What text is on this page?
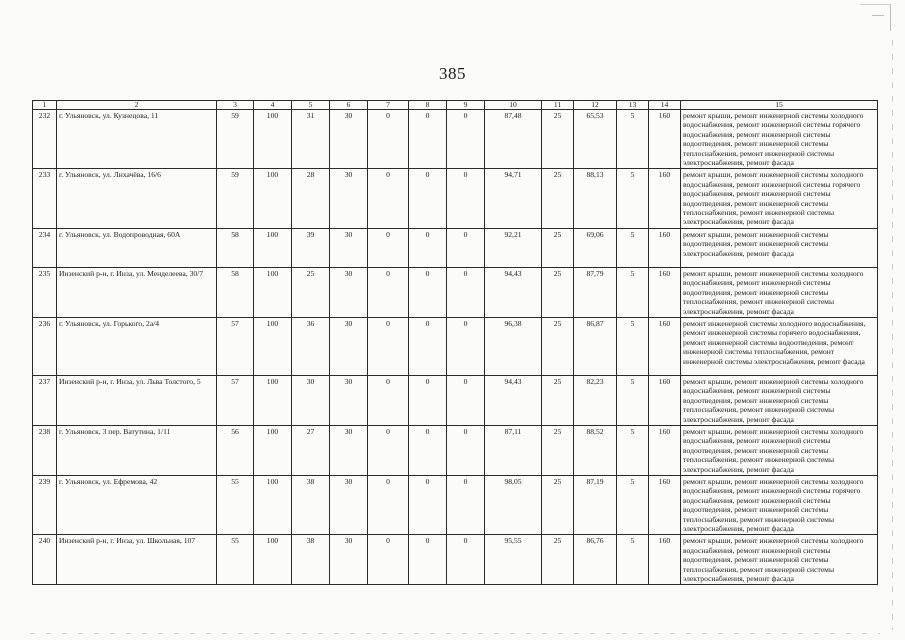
385
1	2	3	4	5	6	7	8	9	10	11	12	13	14	15
232	г. Ульяновск, ул. Кузнецова, 11	59	100	31	30	0	0	0	87,48	25	65,53	5	160	ремонт крыши, ремонт инженерной системы холодного водоснабжения, ремонт инженерной системы горячего водоснабжения, ремонт инженерной системы водоотведения, ремонт инженерной системы теплоснабжения, ремонт инженерной системы электроснабжения, ремонт фасада
233	г. Ульяновск, ул. Лихачёва, 16/6	59	100	28	30	0	0	0	94,71	25	88,13	5	160	ремонт крыши, ремонт инженерной системы холодного водоснабжения, ремонт инженерной системы горячего водоснабжения, ремонт инженерной системы водоотведения, ремонт инженерной системы теплоснабжения, ремонт инженерной системы электроснабжения, ремонт фасада
234	г. Ульяновск, ул. Водопроводная, 60А	58	100	39	30	0	0	0	92,21	25	69,06	5	160	ремонт крыши, ремонт инженерной системы водоотведения, ремонт инженерной системы электроснабжения, ремонт фасада
235	Инзенский р-н, г. Инза, ул. Менделеева, 30/7	58	100	25	30	0	0	0	94,43	25	87,79	5	160	ремонт крыши, ремонт инженерной системы холодного водоснабжения, ремонт инженерной системы водоотведения, ремонт инженерной системы теплоснабжения, ремонт инженерной системы электроснабжения, ремонт фасада
236	г. Ульяновск, ул. Горького, 2а/4	57	100	36	30	0	0	0	96,38	25	86,87	5	160	ремонт инженерной системы холодного водоснабжения, ремонт инженерной системы горячего водоснабжения, ремонт инженерной системы водоотведения, ремонт инженерной системы теплоснабжения, ремонт инженерной системы электроснабжения, ремонт фасада
237	Инзенский р-н, г. Инза, ул. Льва Толстого, 5	57	100	30	30	0	0	0	94,43	25	82,23	5	160	ремонт крыши, ремонт инженерной системы холодного водоснабжения, ремонт инженерной системы водоотведения, ремонт инженерной системы теплоснабжения, ремонт инженерной системы электроснабжения, ремонт фасада
238	г. Ульяновск, 3 пер. Ватутина, 1/11	56	100	27	30	0	0	0	87,11	25	88,52	5	160	ремонт крыши, ремонт инженерной системы холодного водоснабжения, ремонт инженерной системы водоотведения, ремонт инженерной системы теплоснабжения, ремонт инженерной системы электроснабжения, ремонт фасада
239	г. Ульяновск, ул. Ефремова, 42	55	100	38	30	0	0	0	98,05	25	87,19	5	160	ремонт крыши, ремонт инженерной системы холодного водоснабжения, ремонт инженерной системы горячего водоснабжения, ремонт инженерной системы водоотведения, ремонт инженерной системы теплоснабжения, ремонт инженерной системы электроснабжения, ремонт фасада
240	Инзенский р-н, г. Инза, ул. Школьная, 107	55	100	38	30	0	0	0	95,55	25	86,76	5	160	ремонт крыши, ремонт инженерной системы холодного водоснабжения, ремонт инженерной системы водоотведения, ремонт инженерной системы теплоснабжения, ремонт инженерной системы электроснабжения, ремонт фасада
